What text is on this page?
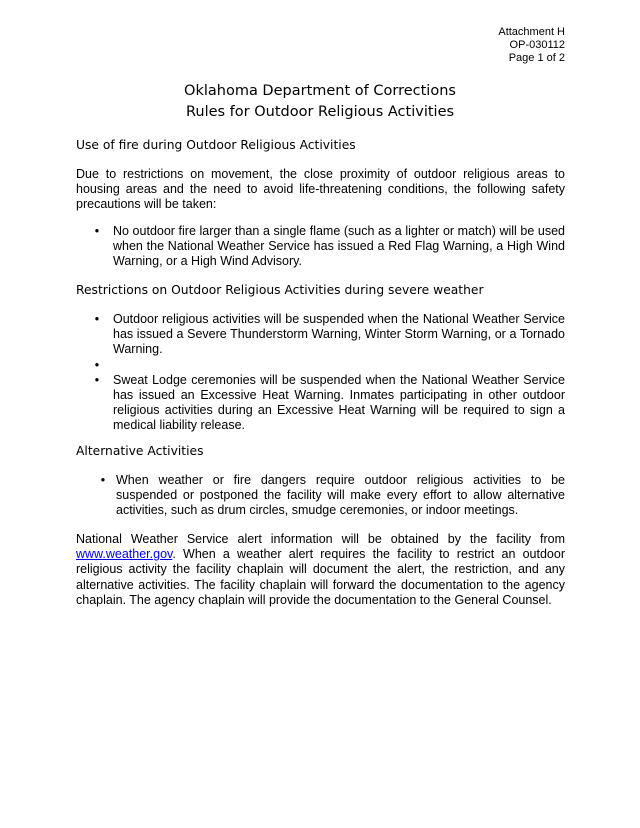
Attachment H
OP-030112
Page 1 of 2
Oklahoma Department of Corrections
Rules for Outdoor Religious Activities
Use of fire during Outdoor Religious Activities
Due to restrictions on movement, the close proximity of outdoor religious areas to housing areas and the need to avoid life-threatening conditions, the following safety precautions will be taken:
• No outdoor fire larger than a single flame (such as a lighter or match) will be used when the National Weather Service has issued a Red Flag Warning, a High Wind Warning, or a High Wind Advisory.
Restrictions on Outdoor Religious Activities during severe weather
• Outdoor religious activities will be suspended when the National Weather Service has issued a Severe Thunderstorm Warning, Winter Storm Warning, or a Tornado Warning.
•
• Sweat Lodge ceremonies will be suspended when the National Weather Service has issued an Excessive Heat Warning. Inmates participating in other outdoor religious activities during an Excessive Heat Warning will be required to sign a medical liability release.
Alternative Activities
• When weather or fire dangers require outdoor religious activities to be suspended or postponed the facility will make every effort to allow alternative activities, such as drum circles, smudge ceremonies, or indoor meetings.
National Weather Service alert information will be obtained by the facility from www.weather.gov. When a weather alert requires the facility to restrict an outdoor religious activity the facility chaplain will document the alert, the restriction, and any alternative activities. The facility chaplain will forward the documentation to the agency chaplain. The agency chaplain will provide the documentation to the General Counsel.
